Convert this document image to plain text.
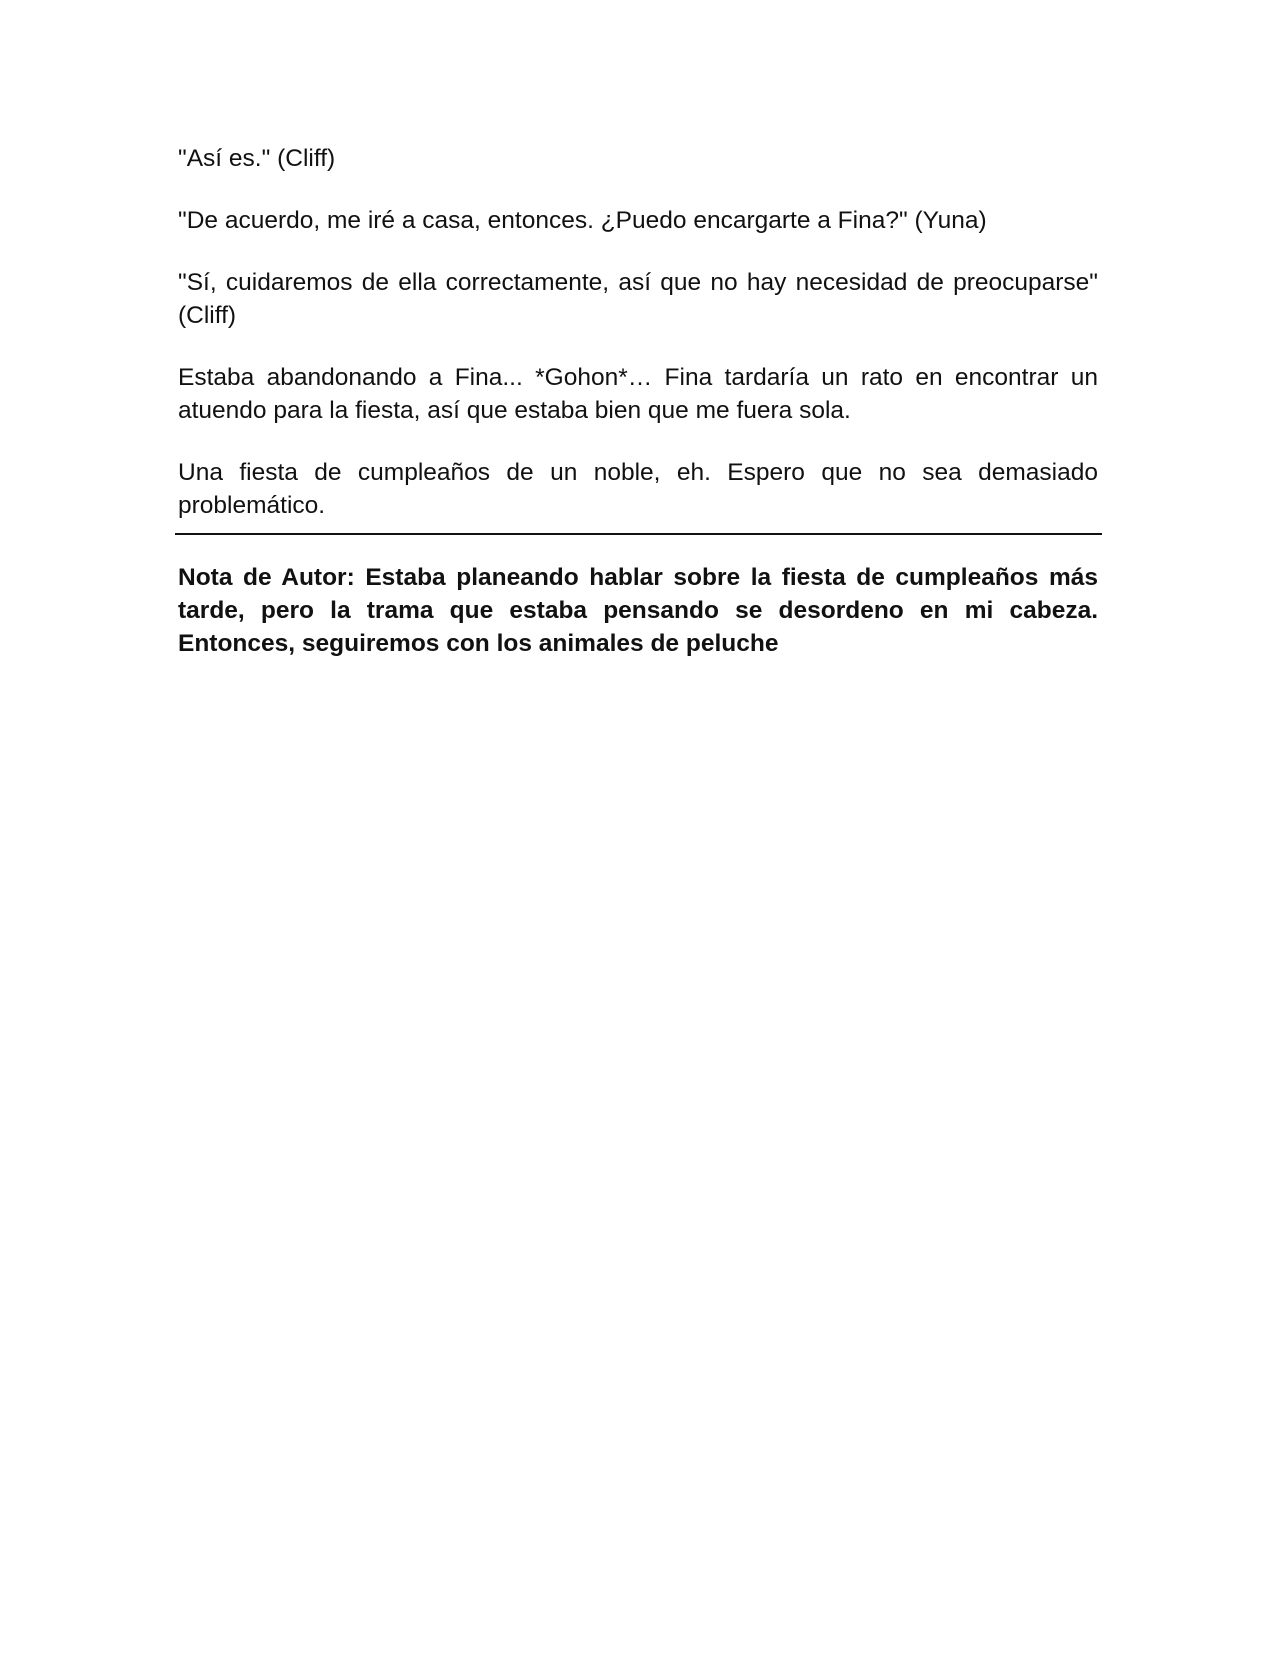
"Así es." (Cliff)

"De acuerdo, me iré a casa, entonces. ¿Puedo encargarte a Fina?" (Yuna)

"Sí, cuidaremos de ella correctamente, así que no hay necesidad de preocuparse" (Cliff)

Estaba abandonando a Fina... *Gohon*… Fina tardaría un rato en encontrar un atuendo para la fiesta, así que estaba bien que me fuera sola.

Una fiesta de cumpleaños de un noble, eh. Espero que no sea demasiado problemático.

Nota de Autor: Estaba planeando hablar sobre la fiesta de cumpleaños más tarde, pero la trama que estaba pensando se desordeno en mi cabeza. Entonces, seguiremos con los animales de peluche
